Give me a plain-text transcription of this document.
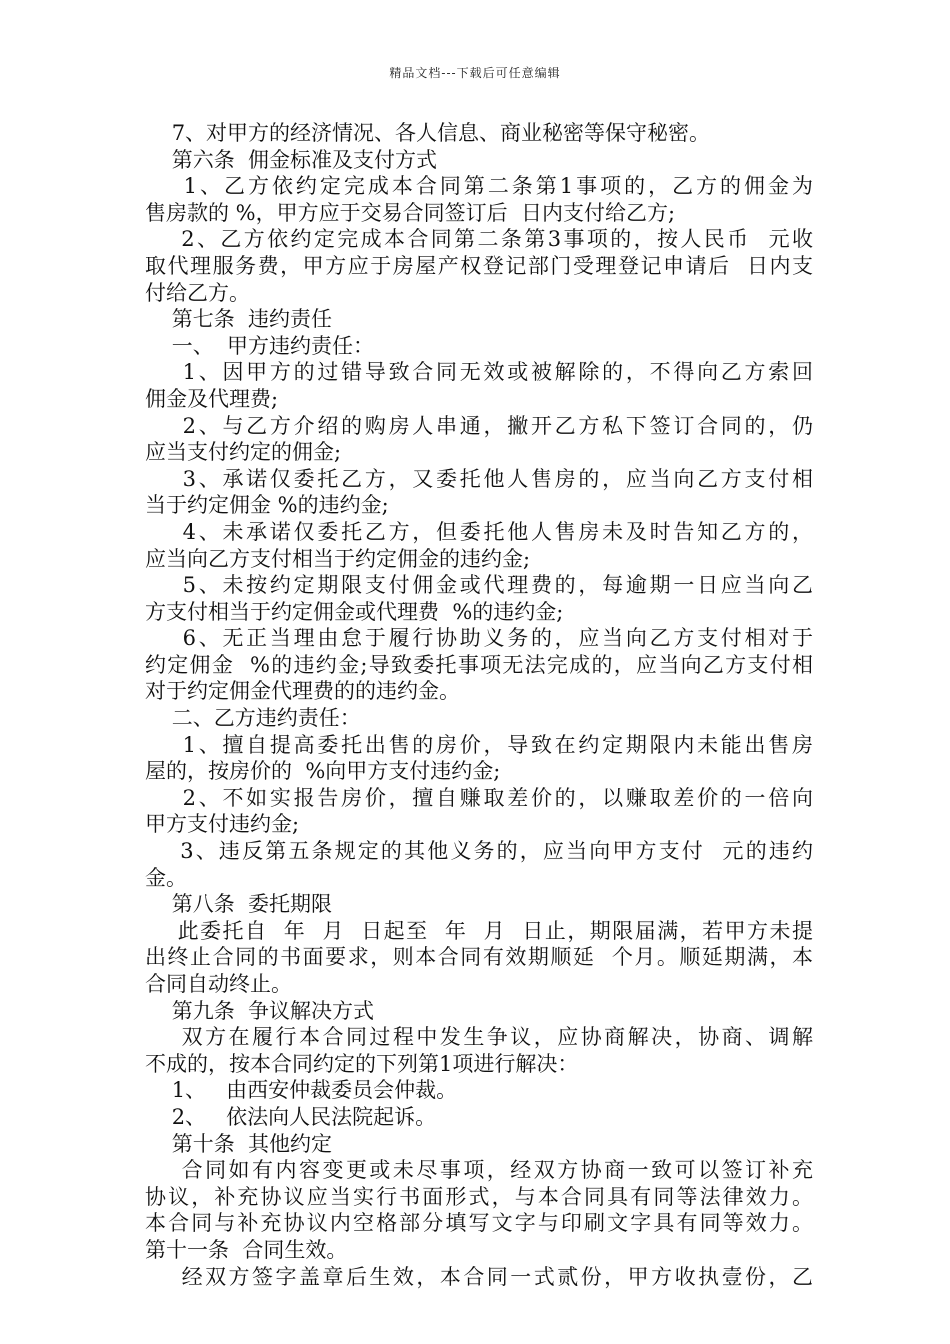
精品文档---下载后可任意编辑
7、对甲方的经济情况、各人信息、商业秘密等保守秘密。
第六条  佣金标准及支付方式
1、乙方依约定完成本合同第二条第1事项的，乙方的佣金为
售房款的 %，甲方应于交易合同签订后  日内支付给乙方;
2、乙方依约定完成本合同第二条第3事项的，按人民币  元收
取代理服务费，甲方应于房屋产权登记部门受理登记申请后  日内支
付给乙方。
第七条  违约责任
一、  甲方违约责任：
1、因甲方的过错导致合同无效或被解除的，不得向乙方索回
佣金及代理费;
2、与乙方介绍的购房人串通，撇开乙方私下签订合同的，仍
应当支付约定的佣金;
3、承诺仅委托乙方，又委托他人售房的，应当向乙方支付相
当于约定佣金 %的违约金;
4、未承诺仅委托乙方，但委托他人售房未及时告知乙方的，
应当向乙方支付相当于约定佣金的违约金;
5、未按约定期限支付佣金或代理费的，每逾期一日应当向乙
方支付相当于约定佣金或代理费  %的违约金;
6、无正当理由怠于履行协助义务的，应当向乙方支付相对于
约定佣金  %的违约金;导致委托事项无法完成的，应当向乙方支付相
对于约定佣金代理费的的违约金。
二、乙方违约责任：
1、擅自提高委托出售的房价，导致在约定期限内未能出售房
屋的，按房价的  %向甲方支付违约金;
2、不如实报告房价，擅自赚取差价的，以赚取差价的一倍向
甲方支付违约金;
3、违反第五条规定的其他义务的，应当向甲方支付  元的违约
金。
第八条  委托期限
此委托自  年  月  日起至  年  月  日止，期限届满，若甲方未提
出终止合同的书面要求，则本合同有效期顺延  个月。顺延期满，本
合同自动终止。
第九条  争议解决方式
双方在履行本合同过程中发生争议，应协商解决，协商、调解
不成的，按本合同约定的下列第1项进行解决：
1、   由西安仲裁委员会仲裁。
2、   依法向人民法院起诉。
第十条  其他约定
合同如有内容变更或未尽事项，经双方协商一致可以签订补充
协议，补充协议应当实行书面形式，与本合同具有同等法律效力。
本合同与补充协议内空格部分填写文字与印刷文字具有同等效力。
第十一条  合同生效。
经双方签字盖章后生效，本合同一式贰份，甲方收执壹份，乙
